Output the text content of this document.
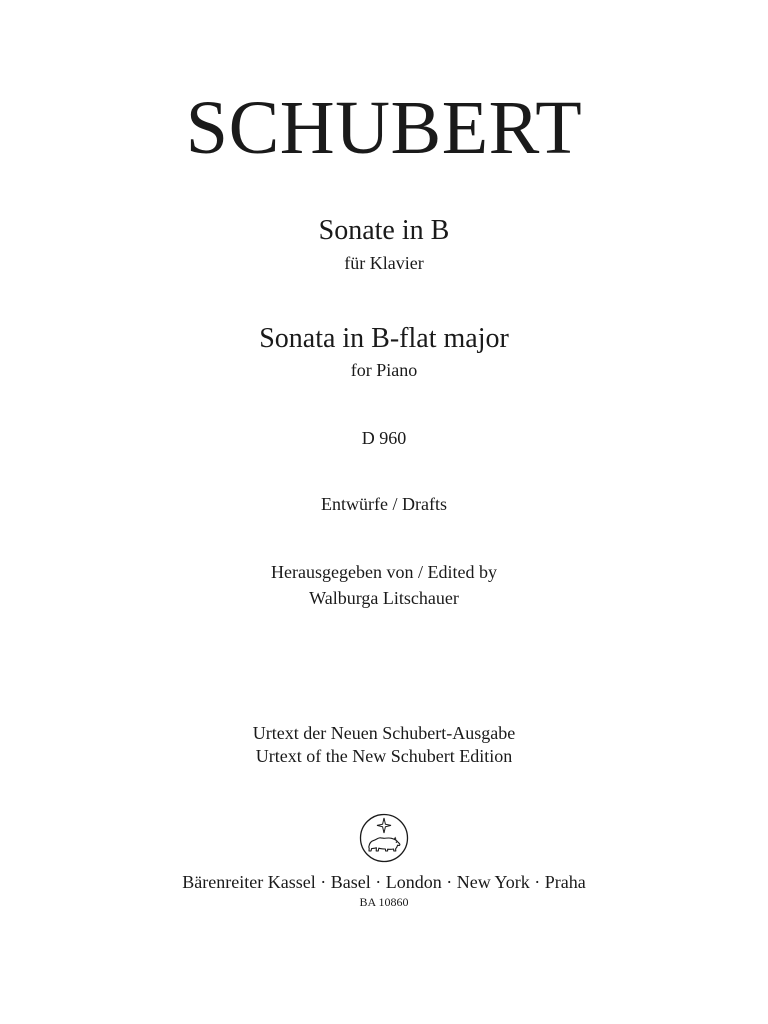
SCHUBERT
Sonate in B
für Klavier
Sonata in B-flat major
for Piano
D 960
Entwürfe / Drafts
Herausgegeben von / Edited by
Walburga Litschauer
Urtext der Neuen Schubert-Ausgabe
Urtext of the New Schubert Edition
Bärenreiter Kassel · Basel · London · New York · Praha
BA 10860
